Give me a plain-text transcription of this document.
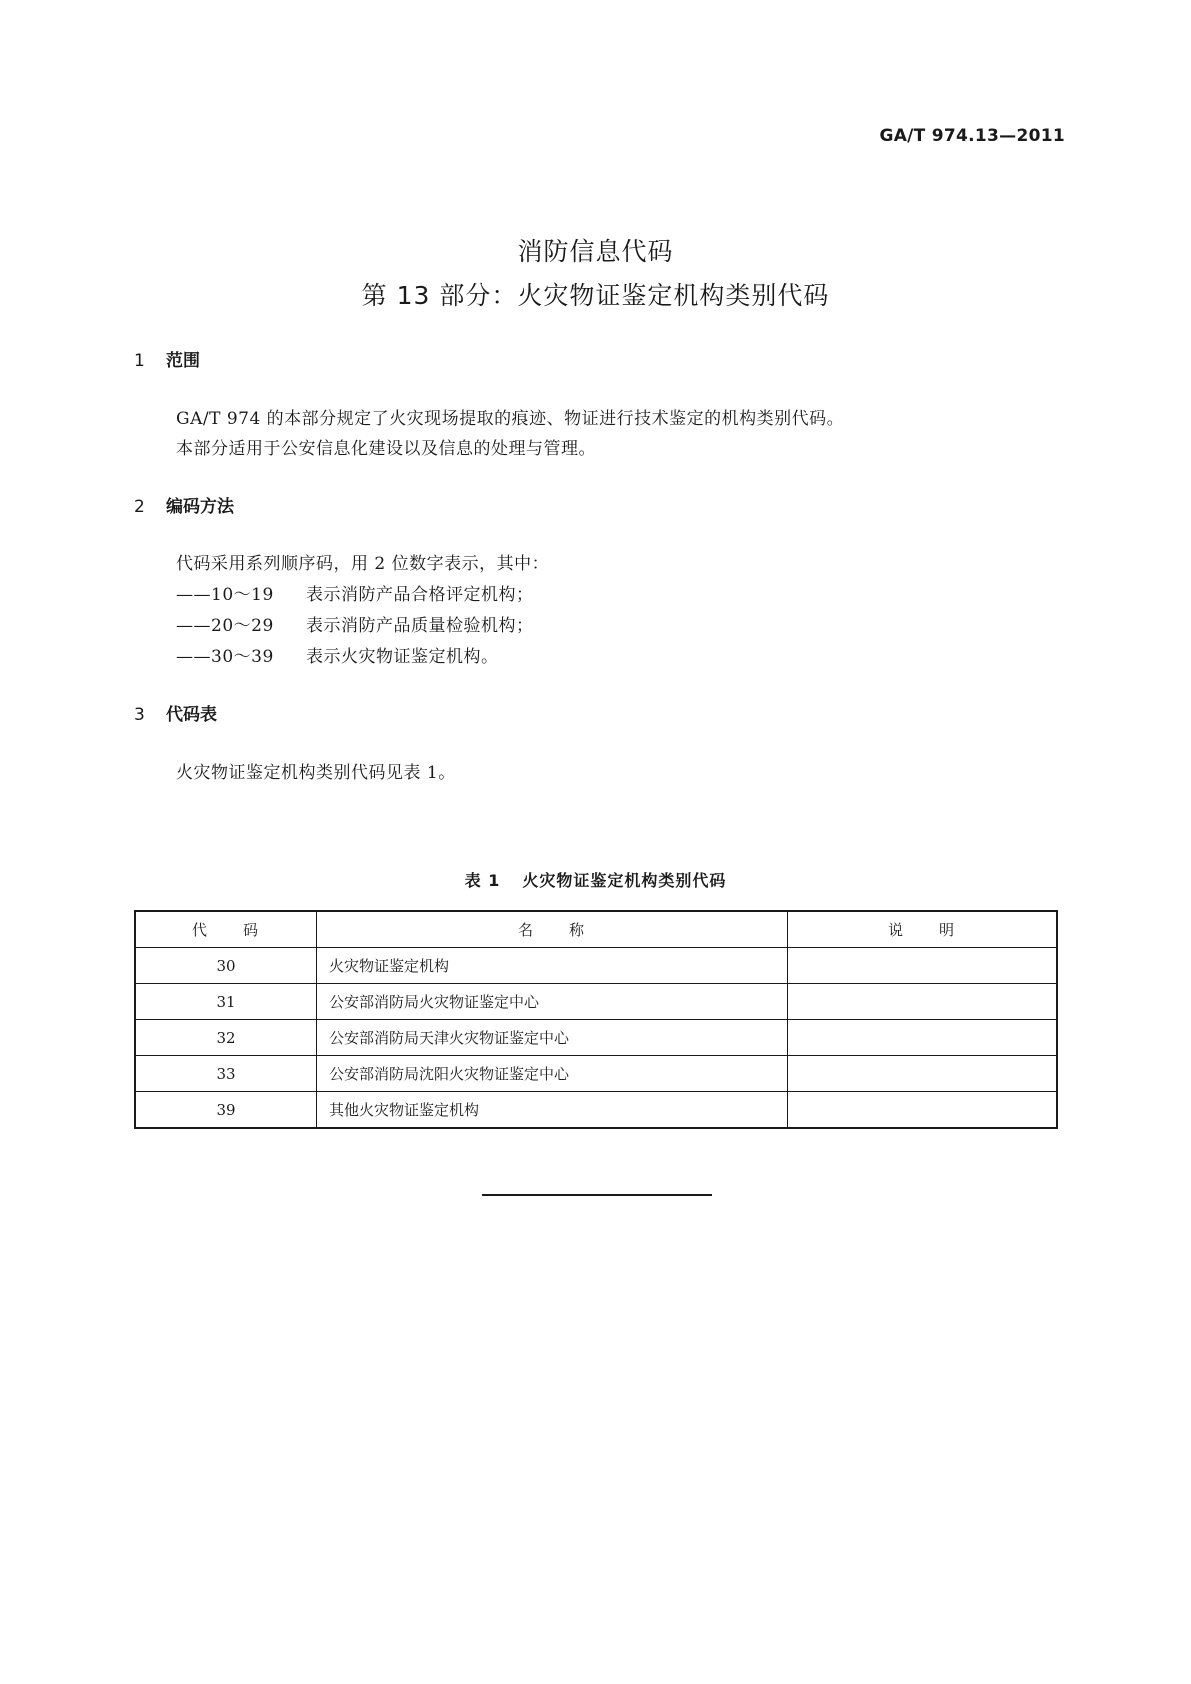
GA/T 974.13—2011
消防信息代码
第 13 部分：火灾物证鉴定机构类别代码
1 范围
GA/T 974 的本部分规定了火灾现场提取的痕迹、物证进行技术鉴定的机构类别代码。
本部分适用于公安信息化建设以及信息的处理与管理。
2 编码方法
代码采用系列顺序码，用 2 位数字表示，其中：
——10～19 表示消防产品合格评定机构；
——20～29 表示消防产品质量检验机构；
——30～39 表示火灾物证鉴定机构。
3 代码表
火灾物证鉴定机构类别代码见表 1。
表 1 火灾物证鉴定机构类别代码
代　　码	名　　称	说　　明
30	火灾物证鉴定机构	
31	公安部消防局火灾物证鉴定中心	
32	公安部消防局天津火灾物证鉴定中心	
33	公安部消防局沈阳火灾物证鉴定中心	
39	其他火灾物证鉴定机构	
